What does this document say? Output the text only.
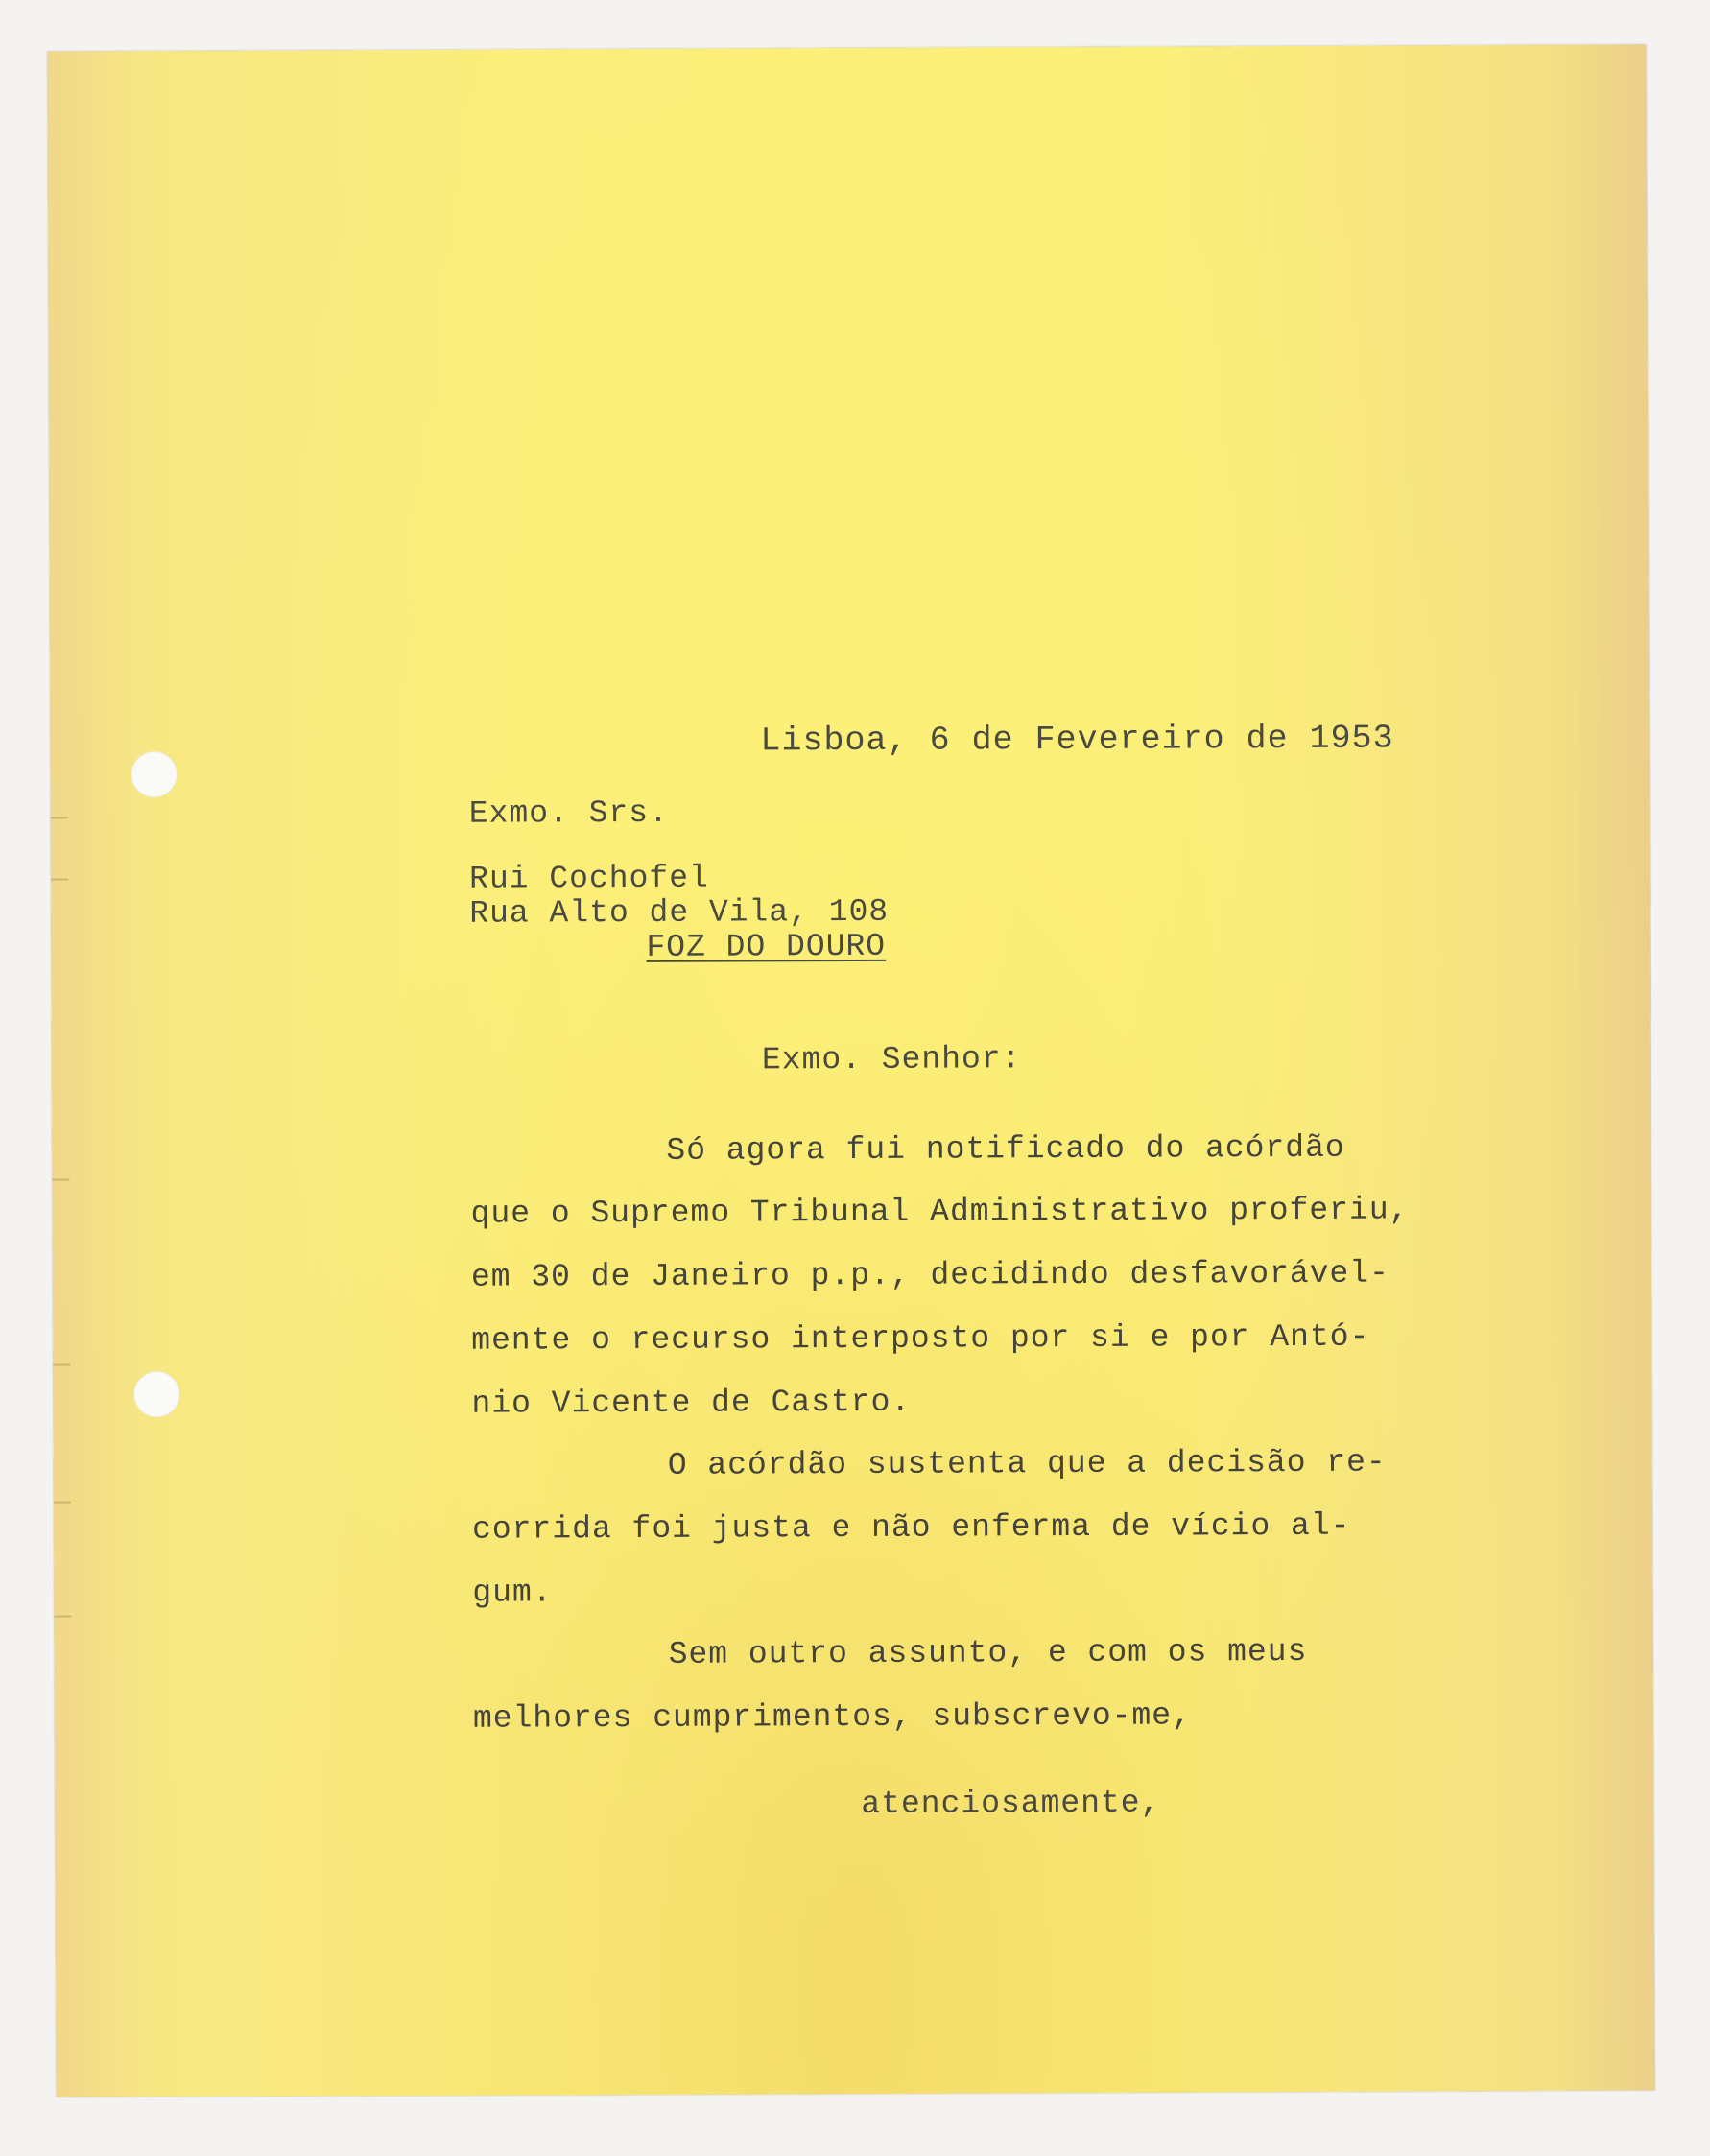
Lisboa, 6 de Fevereiro de 1953
Exmo. Srs.
Rui Cochofel
Rua Alto de Vila, 108
FOZ DO DOURO
Exmo. Senhor:
Só agora fui notificado do acórdão
que o Supremo Tribunal Administrativo proferiu,
em 30 de Janeiro p.p., decidindo desfavorável-
mente o recurso interposto por si e por Antó-
nio Vicente de Castro.
O acórdão sustenta que a decisão re-
corrida foi justa e não enferma de vício al-
gum.
Sem outro assunto, e com os meus
melhores cumprimentos, subscrevo-me,
atenciosamente,
